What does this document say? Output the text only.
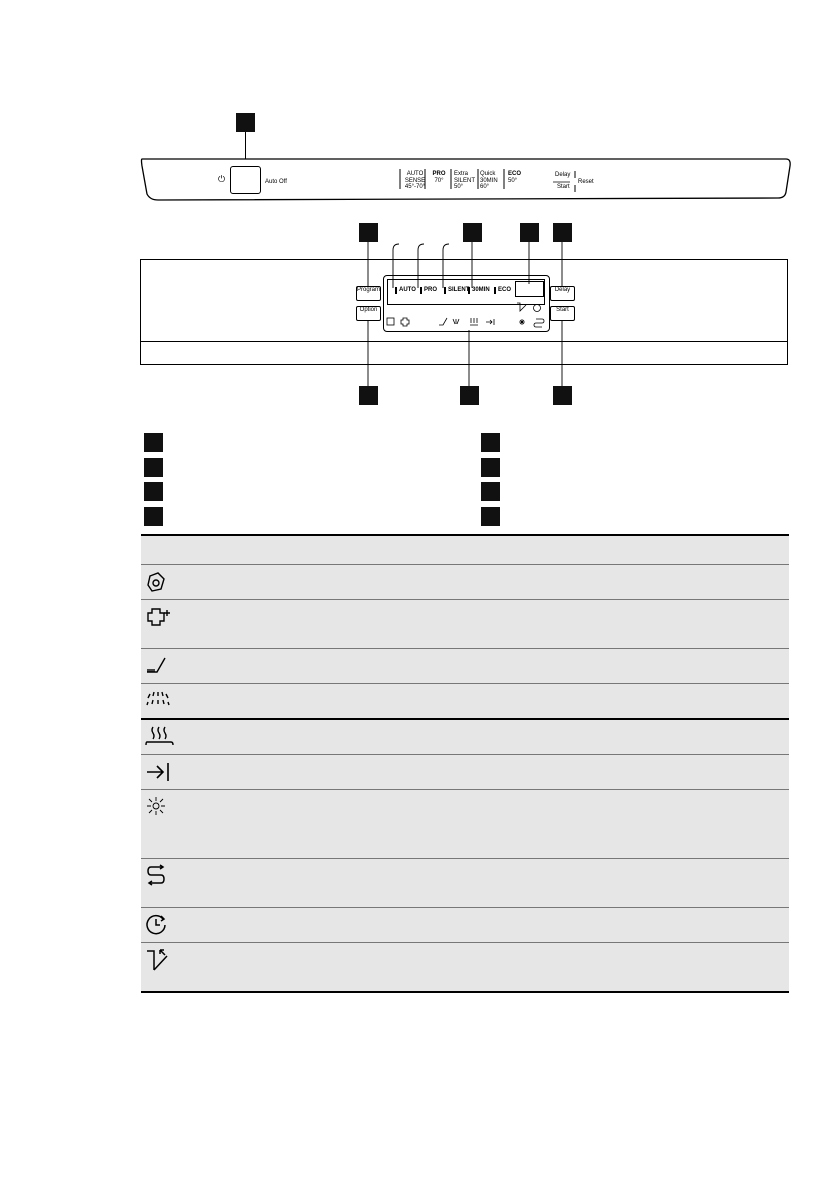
⏻	Auto Off
AUTO
SENSE
45°-70°
PRO
70°
Extra
SILENT
50°
Quick
30MIN
60°
ECO
50°
Delay
Start
Reset
AUTO	PRO	SILENT 30MIN	ECO
Program
Option
Delay
Start
